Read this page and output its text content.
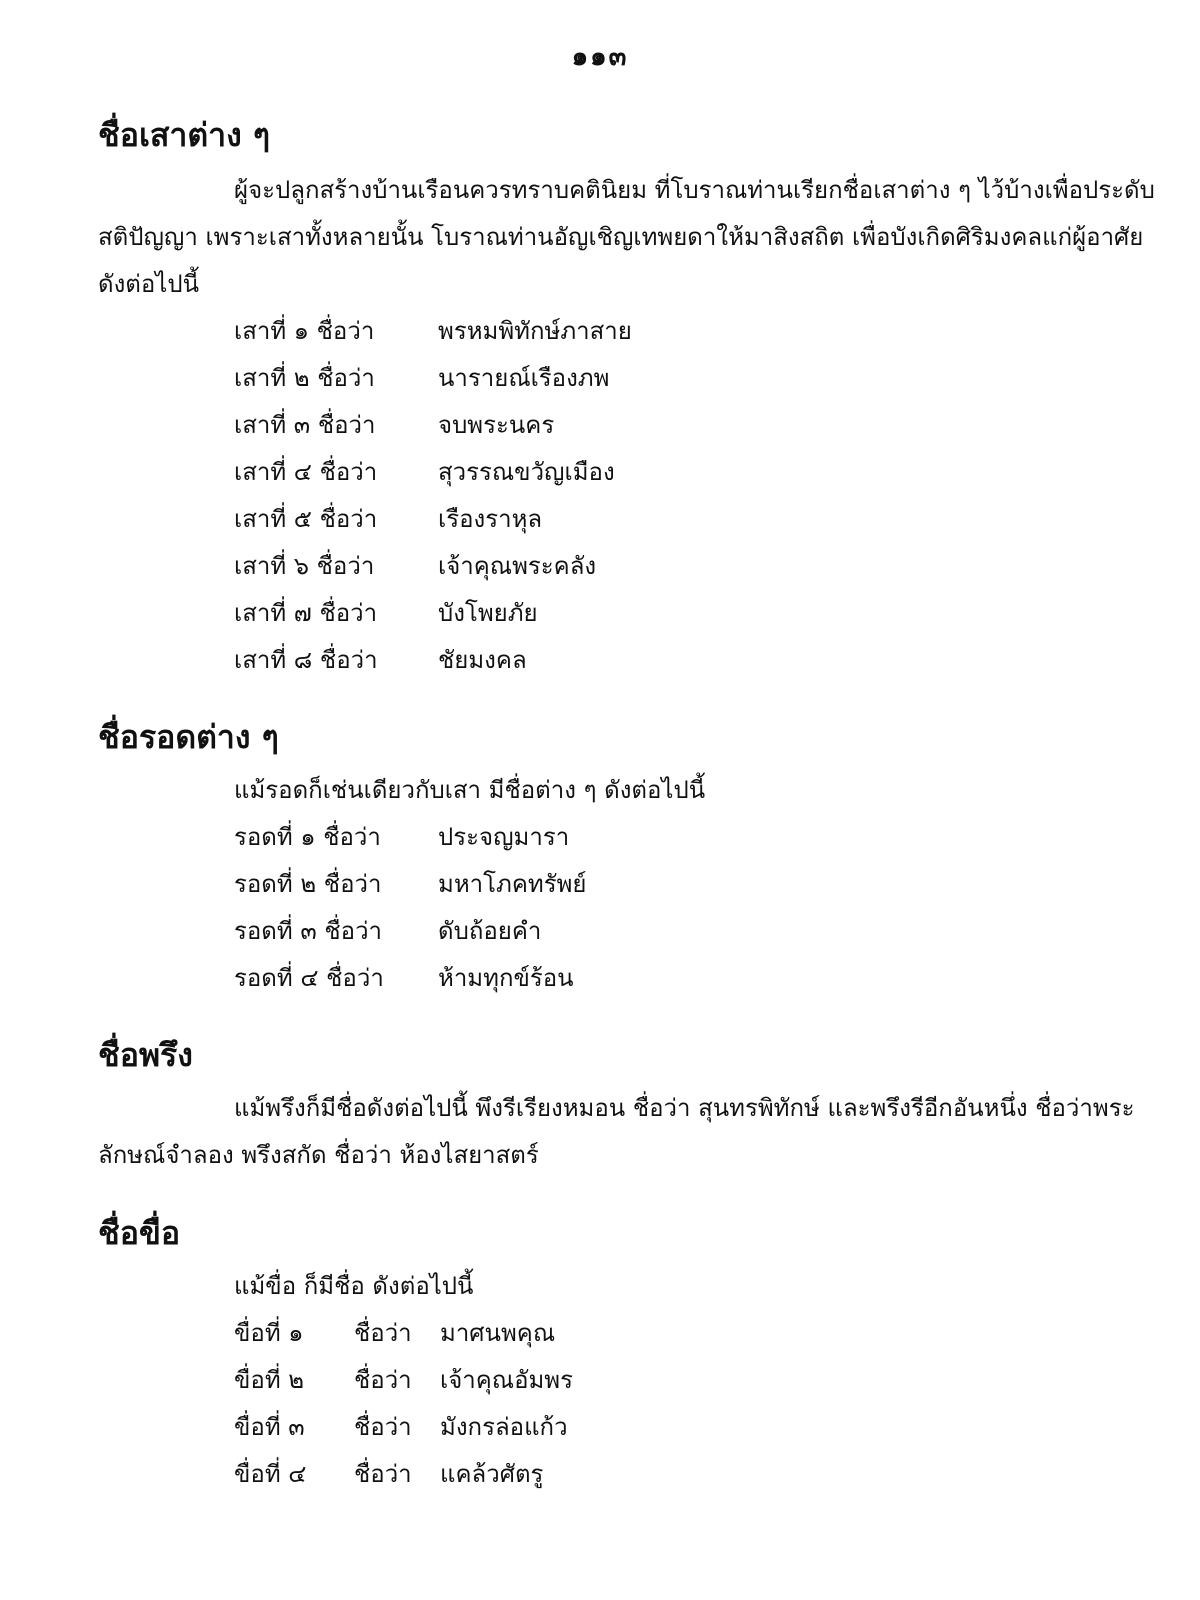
๑๑๓
ชื่อเสาต่าง ๆ
ผู้จะปลูกสร้างบ้านเรือนควรทราบคตินิยม ที่โบราณท่านเรียกชื่อเสาต่าง ๆ ไว้บ้างเพื่อประดับ
สติปัญญา เพราะเสาทั้งหลายนั้น โบราณท่านอัญเชิญเทพยดาให้มาสิงสถิต เพื่อบังเกิดศิริมงคลแก่ผู้อาศัย
ดังต่อไปนี้
เสาที่ ๑ ชื่อว่า	พรหมพิทักษ์ภาสาย
เสาที่ ๒ ชื่อว่า	นารายณ์เรืองภพ
เสาที่ ๓ ชื่อว่า	จบพระนคร
เสาที่ ๔ ชื่อว่า	สุวรรณขวัญเมือง
เสาที่ ๕ ชื่อว่า	เรืองราหุล
เสาที่ ๖ ชื่อว่า	เจ้าคุณพระคลัง
เสาที่ ๗ ชื่อว่า	บังโพยภัย
เสาที่ ๘ ชื่อว่า	ชัยมงคล
ชื่อรอดต่าง ๆ
แม้รอดก็เช่นเดียวกับเสา มีชื่อต่าง ๆ ดังต่อไปนี้
รอดที่ ๑ ชื่อว่า ประจญมารา
รอดที่ ๒ ชื่อว่า มหาโภคทรัพย์
รอดที่ ๓ ชื่อว่า ดับถ้อยคำ
รอดที่ ๔ ชื่อว่า ห้ามทุกข์ร้อน
ชื่อพรึง
แม้พรึงก็มีชื่อดังต่อไปนี้ พึงรีเรียงหมอน ชื่อว่า สุนทรพิทักษ์ และพรึงรีอีกอันหนึ่ง ชื่อว่าพระ
ลักษณ์จำลอง พรึงสกัด ชื่อว่า ห้องไสยาสตร์
ชื่อขื่อ
แม้ขื่อ ก็มีชื่อ ดังต่อไปนี้
ขื่อที่ ๑ ชื่อว่า มาศนพคุณ
ขื่อที่ ๒ ชื่อว่า เจ้าคุณอัมพร
ขื่อที่ ๓ ชื่อว่า มังกรล่อแก้ว
ขื่อที่ ๔ ชื่อว่า แคล้วศัตรู
